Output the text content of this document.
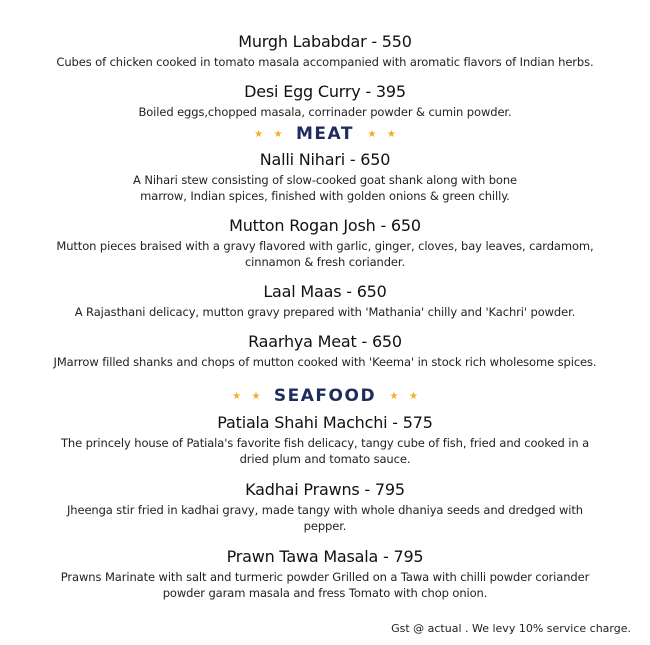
Murgh Lababdar - 550
Cubes of chicken cooked in tomato masala accompanied with aromatic flavors of Indian herbs.
Desi Egg Curry - 395
Boiled eggs,chopped masala, corrinader powder & cumin powder.
★ ★ MEAT ★ ★
Nalli Nihari - 650
A Nihari stew consisting of slow-cooked goat shank along with bone
marrow, Indian spices, finished with golden onions & green chilly.
Mutton Rogan Josh - 650
Mutton pieces braised with a gravy flavored with garlic, ginger, cloves, bay leaves, cardamom,
cinnamon & fresh coriander.
Laal Maas - 650
A Rajasthani delicacy, mutton gravy prepared with 'Mathania' chilly and 'Kachri' powder.
Raarhya Meat - 650
JMarrow filled shanks and chops of mutton cooked with 'Keema' in stock rich wholesome spices.
★ ★ SEAFOOD ★ ★
Patiala Shahi Machchi - 575
The princely house of Patiala's favorite fish delicacy, tangy cube of fish, fried and cooked in a
dried plum and tomato sauce.
Kadhai Prawns - 795
Jheenga stir fried in kadhai gravy, made tangy with whole dhaniya seeds and dredged with
pepper.
Prawn Tawa Masala - 795
Prawns Marinate with salt and turmeric powder Grilled on a Tawa with chilli powder coriander
powder garam masala and fress Tomato with chop onion.
Gst @ actual . We levy 10% service charge.
